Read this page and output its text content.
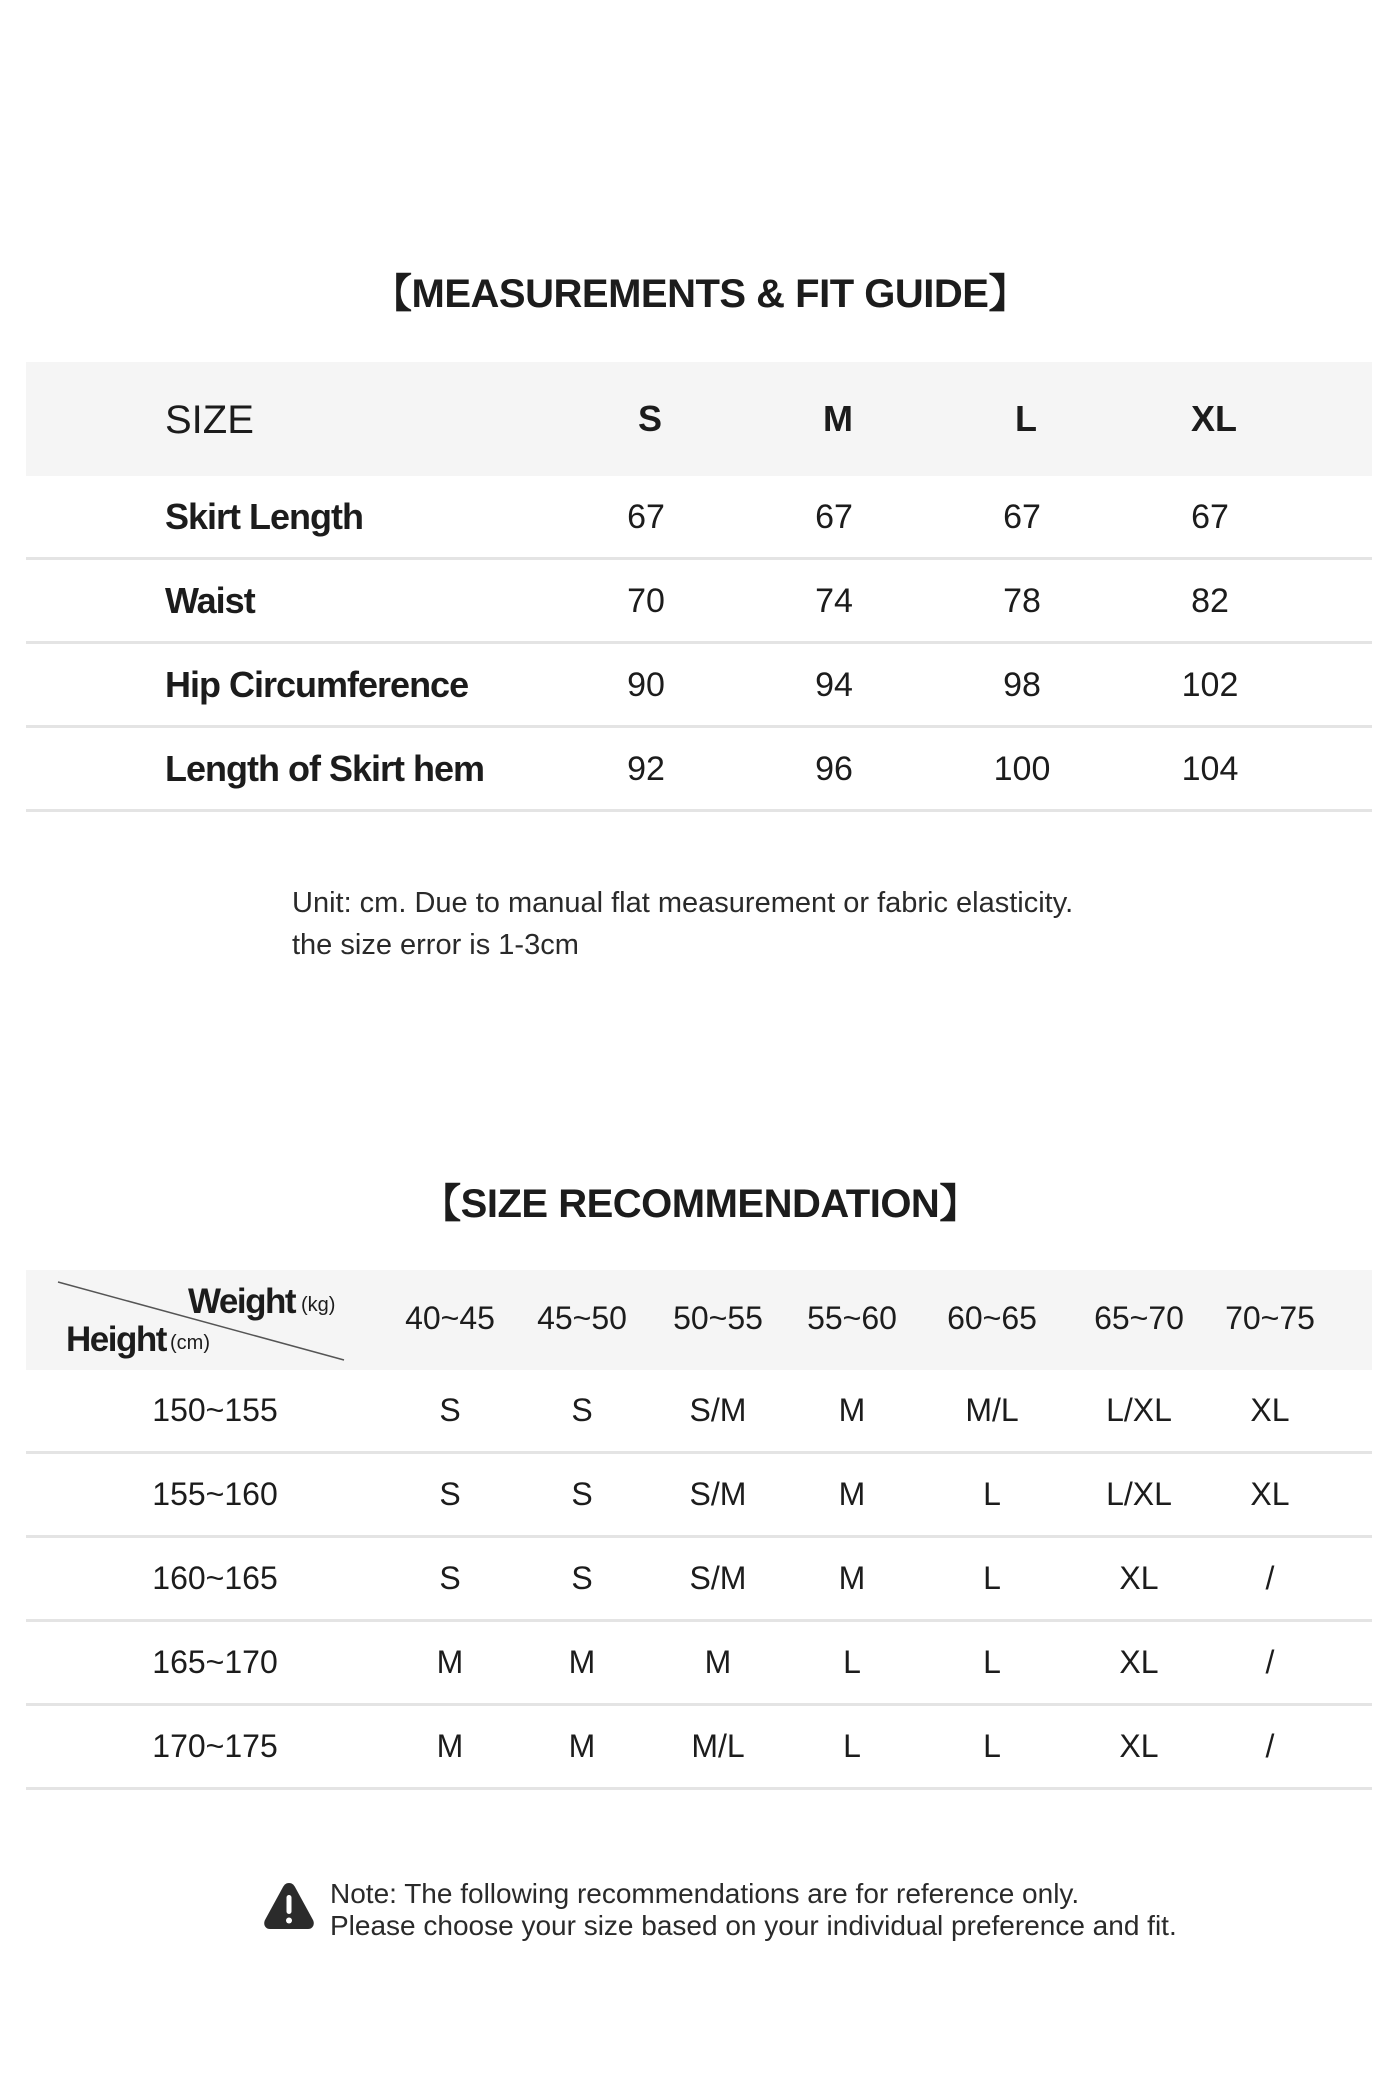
【MEASUREMENTS & FIT GUIDE】
SIZE	S	M	L	XL
Skirt Length	67	67	67	67
Waist	70	74	78	82
Hip Circumference	90	94	98	102
Length of Skirt hem	92	96	100	104
Unit: cm. Due to manual flat measurement or fabric elasticity.
the size error is 1-3cm
【SIZE RECOMMENDATION】
Weight (kg)
Height (cm)
40~45	45~50	50~55	55~60	60~65	65~70	70~75
150~155	S	S	S/M	M	M/L	L/XL	XL
155~160	S	S	S/M	M	L	L/XL	XL
160~165	S	S	S/M	M	L	XL	/
165~170	M	M	M	L	L	XL	/
170~175	M	M	M/L	L	L	XL	/
Note: The following recommendations are for reference only.
Please choose your size based on your individual preference and fit.
